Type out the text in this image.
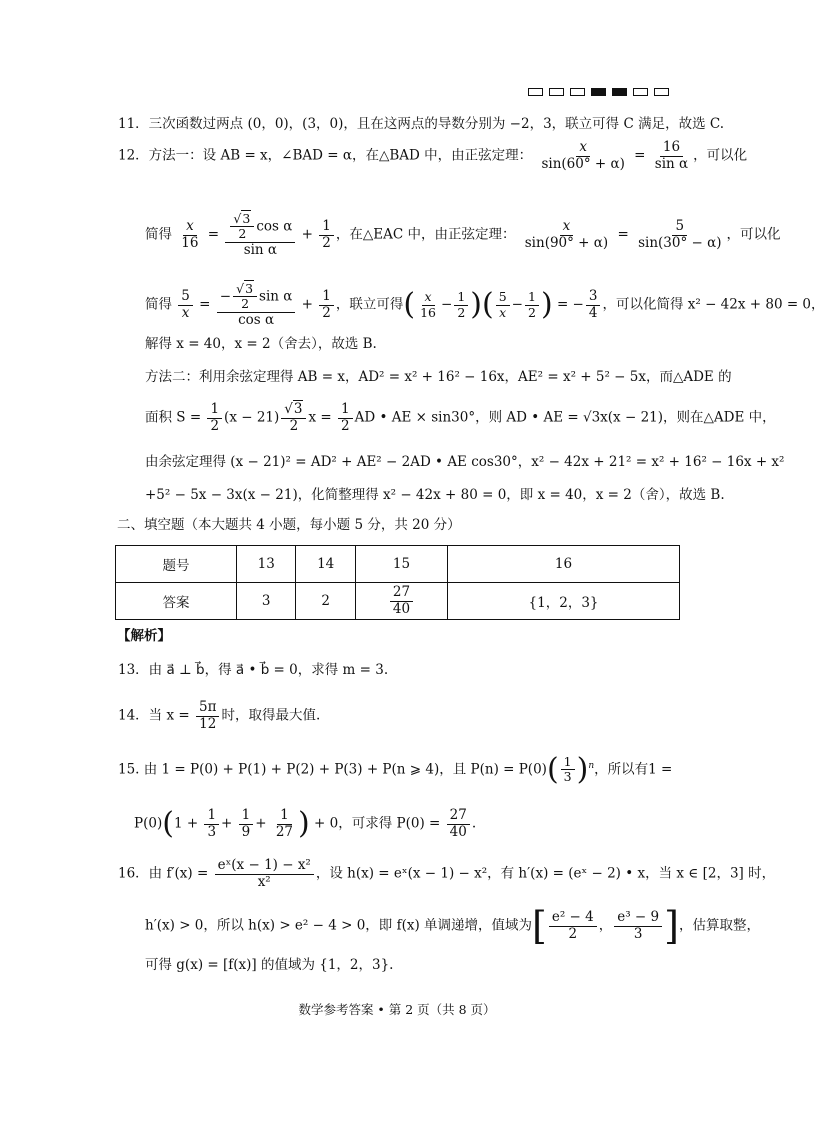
11．三次函数过两点 (0，0)，(3，0)，且在这两点的导数分别为 −2，3，联立可得 C 满足，故选 C.
12．方法一：设 AB = x，∠BAD = α，在△BAD 中，由正弦定理： $\frac{x}{\sin(60^\circ + \alpha)} = \frac{16}{\text{sin α}}$ ，可以化
简得 $\frac{x}{16} = \frac{\frac{√3}{2} \cos \alpha}{\text{sin α}} + \frac{1}{2}$ ，在△EAC 中，由正弦定理： $\frac{x}{\sin(90^\circ + \alpha)} = \frac{5}{\sin(30^\circ - \alpha)}$ ，可以化
简得 $\frac{5}{x} = \frac{- \frac{√3}{2} \sin \alpha}{\text{cos α}} + \frac{1}{2}$ ，联立可得( $\frac{x}{16} - \frac{1}{2}$ )( $\frac{5}{x} - \frac{1}{2}$ ) = − $\frac{3}{4}$ ，可以化简得 x² − 42x + 80 = 0，
解得 x = 40，x = 2（舍去），故选 B.
方法二：利用余弦定理得 AB = x，AD² = x² + 16² − 16x，AE² = x² + 5² − 5x，而△ADE 的
面积 $S = \frac{1}{2} (x - 21) \frac{√3}{2}$ $x = \frac{1}{2}$ AD • AE × sin30°，则 AD • AE = √3x(x − 21)，则在△ADE 中，
由余弦定理得 (x − 21)² = AD² + AE² − 2AD • AE cos30°，x² − 42x + 21² = x² + 16² − 16x + x²
+5² − 5x − 3x(x − 21)，化简整理得 x² − 42x + 80 = 0，即 x = 40，x = 2（舍），故选 B.
二、填空题（本大题共 4 小题，每小题 5 分，共 20 分）
题号	13	14	15	16
答案	3	2	$\frac{27}{40}$	{1，2，3}
【解析】
13．由 a⃗ ⊥ b⃗，得 a⃗ • b⃗ = 0，求得 m = 3.
14．当 $x = \frac{5\pi}{12}$ 时，取得最大值.
15. 由 1 = P(0) + P(1) + P(2) + P(3) + P(n ⩾ 4)，且 $P(n) = P(0)( \frac{1}{3} )^n$，所以有1 =
$P(0)(1 + \frac{1}{3} + \frac{1}{9} + \frac{1}{27}$ ) + 0，可求得 $P(0) = \frac{27}{40}$ .
16．由 $f'(x) = \frac{\text{eˣ(x − 1) − x²}}{\text{x²}}$ ，设 h(x) = eˣ(x − 1) − x²，有 h′(x) = (eˣ − 2) • x，当 x ∈ [2，3] 时，
h′(x) > 0，所以 h(x) > e² − 4 > 0，即 f(x) 单调递增，值域为[ $\frac{\text{e² − 4}}{2}$ ， $\frac{\text{e³ − 9}}{3}$ ]，估算取整，
可得 g(x) = [f(x)] 的值域为 {1，2，3}.
数学参考答案 • 第 2 页（共 8 页）
